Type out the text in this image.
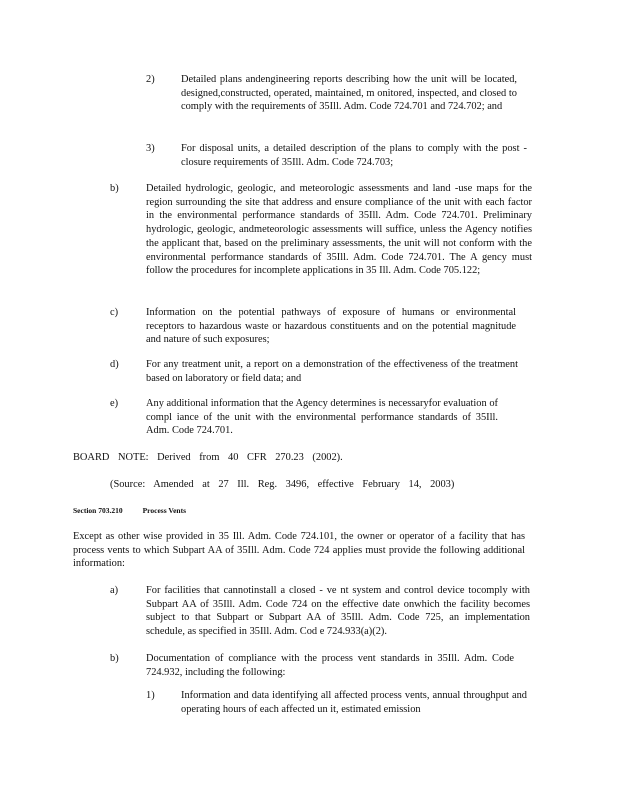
2)	Detailed plans andengineering reports describing how the unit will be located, designed,constructed, operated, maintained, m onitored, inspected, and closed to comply with the requirements of 35Ill. Adm. Code 724.701 and 724.702; and
3)	For disposal units, a detailed description of the plans to comply with the post -closure requirements of 35Ill. Adm. Code 724.703;
b)	Detailed hydrologic, geologic, and meteorologic assessments and land -use maps for the region surrounding the site that address and ensure compliance of the unit with each factor in the environmental performance standards of 35Ill. Adm. Code 724.701. Preliminary hydrologic, geologic, andmeteorologic assessments will suffice, unless the Agency notifies the applicant that, based on the preliminary assessments, the unit will not conform with the environmental performance standards of 35Ill. Adm. Code 724.701. The A gency must follow the procedures for incomplete applications in 35 Ill. Adm. Code 705.122;
c)	Information on the potential pathways of exposure of humans or environmental receptors to hazardous waste or hazardous constituents and on the potential magnitude and nature of such exposures;
d)	For any treatment unit, a report on a demonstration of the effectiveness of the treatment based on laboratory or field data; and
e)	Any additional information that the Agency determines is necessaryfor evaluation of compl iance of the unit with the environmental performance standards of 35Ill. Adm. Code 724.701.
BOARD NOTE: Derived from 40 CFR 270.23 (2002).
(Source: Amended at 27 Ill. Reg. 3496, effective February 14, 2003)
Section 703.210	Process Vents
Except as other wise provided in 35 Ill. Adm. Code 724.101, the owner or operator of a facility that has process vents to which Subpart AA of 35Ill. Adm. Code 724 applies must provide the following additional information:
a)	For facilities that cannotinstall a closed - ve nt system and control device tocomply with Subpart AA of 35Ill. Adm. Code 724 on the effective date onwhich the facility becomes subject to that Subpart or Subpart AA of 35Ill. Adm. Code 725, an implementation schedule, as specified in 35Ill. Adm. Cod e 724.933(a)(2).
b)	Documentation of compliance with the process vent standards in 35Ill. Adm. Code 724.932, including the following:
1)	Information and data identifying all affected process vents, annual throughput and operating hours of each affected un it, estimated emission
